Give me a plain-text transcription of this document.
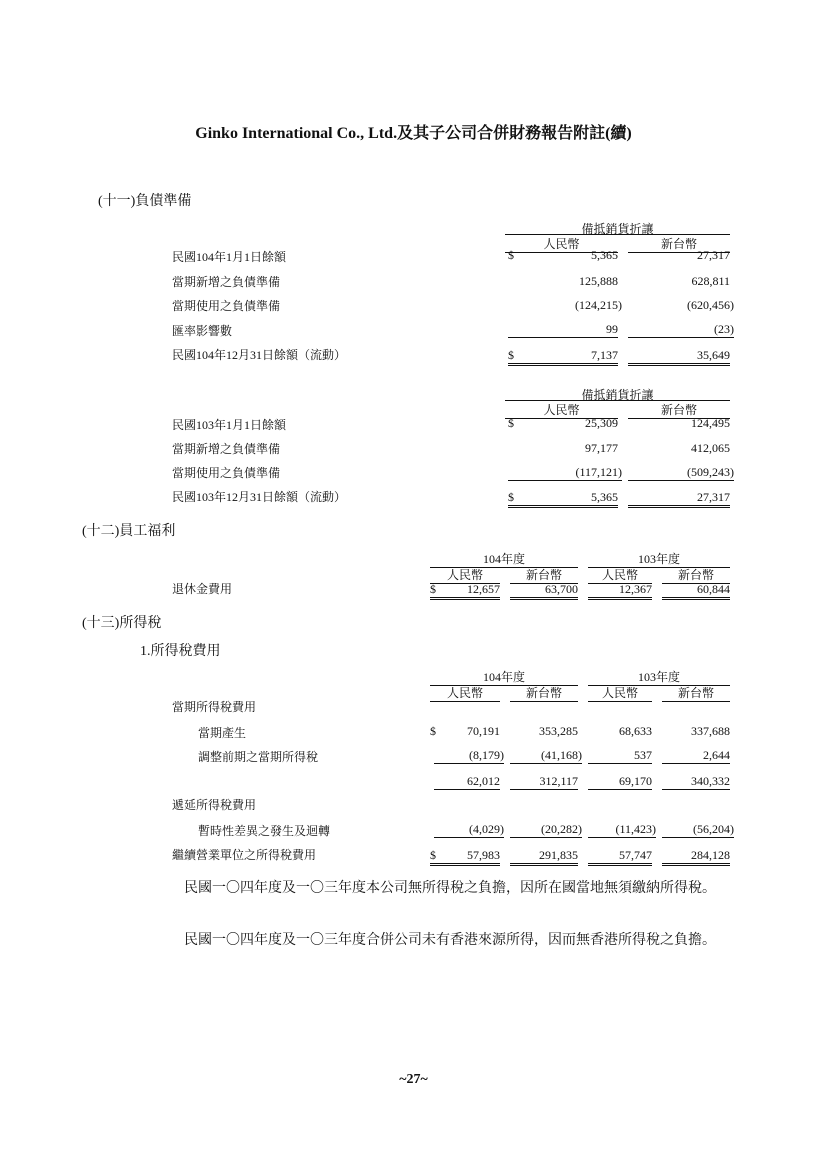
Ginko International Co., Ltd.及其子公司合併財務報告附註(續)
(十一)負債準備
備抵銷貨折讓
人民幣	新台幣
民國104年1月1日餘額	$	5,365	27,317
當期新增之負債準備	125,888	628,811
當期使用之負債準備	(124,215)	(620,456)
匯率影響數	99	(23)
民國104年12月31日餘額（流動）	$	7,137	35,649
備抵銷貨折讓
人民幣	新台幣
民國103年1月1日餘額	$	25,309	124,495
當期新增之負債準備	97,177	412,065
當期使用之負債準備	(117,121)	(509,243)
民國103年12月31日餘額（流動）	$	5,365	27,317
(十二)員工福利
104年度	103年度
人民幣	新台幣	人民幣	新台幣
退休金費用	$	12,657	63,700	12,367	60,844
(十三)所得稅
1.所得稅費用
104年度	103年度
人民幣	新台幣	人民幣	新台幣
當期所得稅費用
當期產生	$	70,191	353,285	68,633	337,688
調整前期之當期所得稅	(8,179)	(41,168)	537	2,644
62,012	312,117	69,170	340,332
遞延所得稅費用
暫時性差異之發生及迴轉	(4,029)	(20,282)	(11,423)	(56,204)
繼續營業單位之所得稅費用	$	57,983	291,835	57,747	284,128
民國一〇四年度及一〇三年度本公司無所得稅之負擔，因所在國當地無須繳納所得稅。
民國一〇四年度及一〇三年度合併公司未有香港來源所得，因而無香港所得稅之負擔。
~27~
